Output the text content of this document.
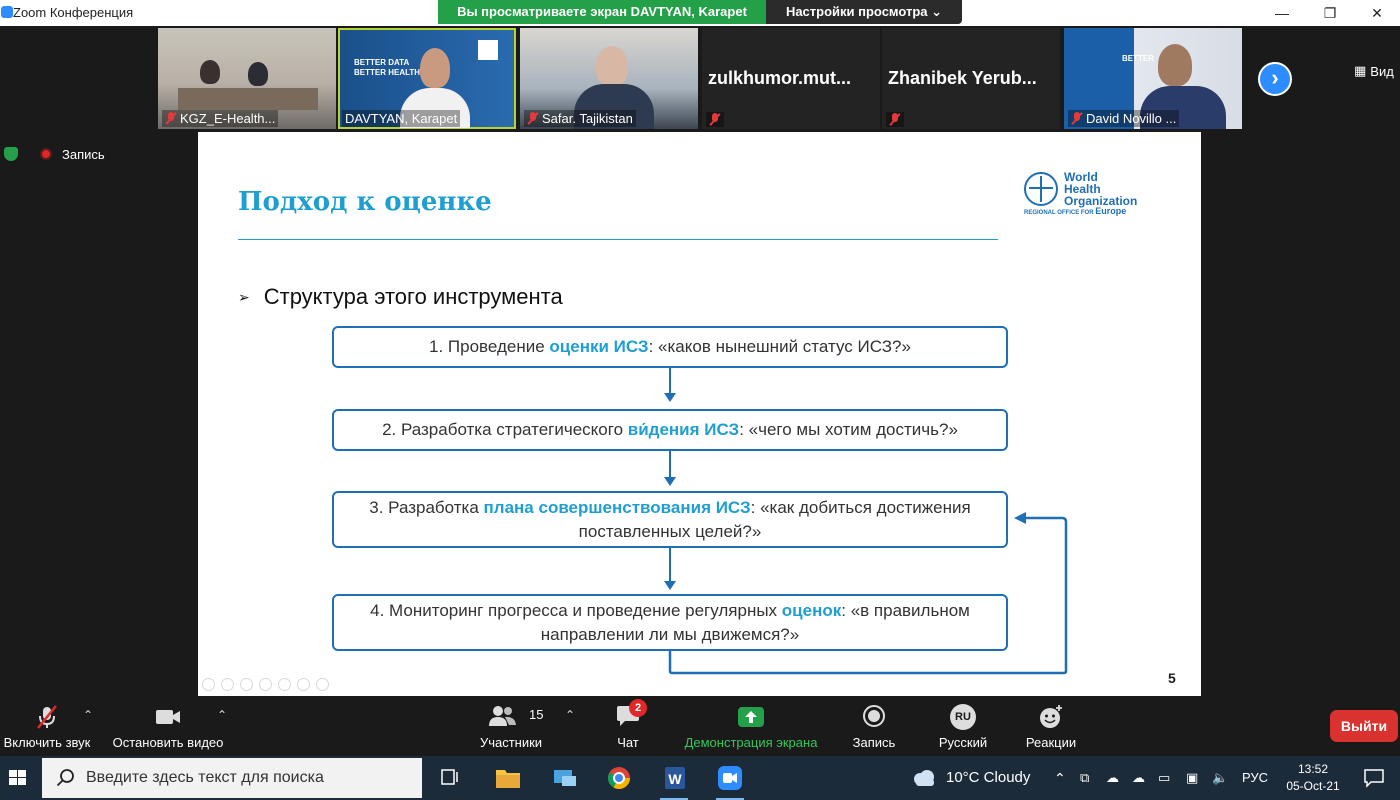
Zoom Конференция	Вы просматриваете экран DAVTYAN, Karapet	Настройки просмотра ⌄	—	❐	✕
KGZ_E-Health...
BETTER DATA
BETTER HEALTH
DAVTYAN, Karapet	Safar. Tajikistan
zulkhumor.mut... Zhanibek Yerub...
BETTER
David Novillo ...
›	▦ Вид
Запись
Подход к оценке
World Health
Organization
REGIONAL OFFICE FOR Europe
➢ Структура этого инструмента
1. Проведение оценки ИСЗ: «каков нынешний статус ИСЗ?»
2. Разработка стратегического ви́дения ИСЗ: «чего мы хотим достичь?»
3. Разработка плана совершенствования ИСЗ: «как добиться достижения поставленных целей?»
4. Мониторинг прогресса и проведение регулярных оценок: «в правильном направлении ли мы движемся?»
5
Включить звук
⌃
Остановить видео
⌃	15
Участники
⌃	2
Чат	Демонстрация экрана	Запись
RU
Русский	Реакции
Выйти
Введите здесь текст для поиска	W	10°C Cloudy ⌃ ⧉ ☁ ☁ ▭ ▣ 🔈 РУС
13:52
05-Oct-21
